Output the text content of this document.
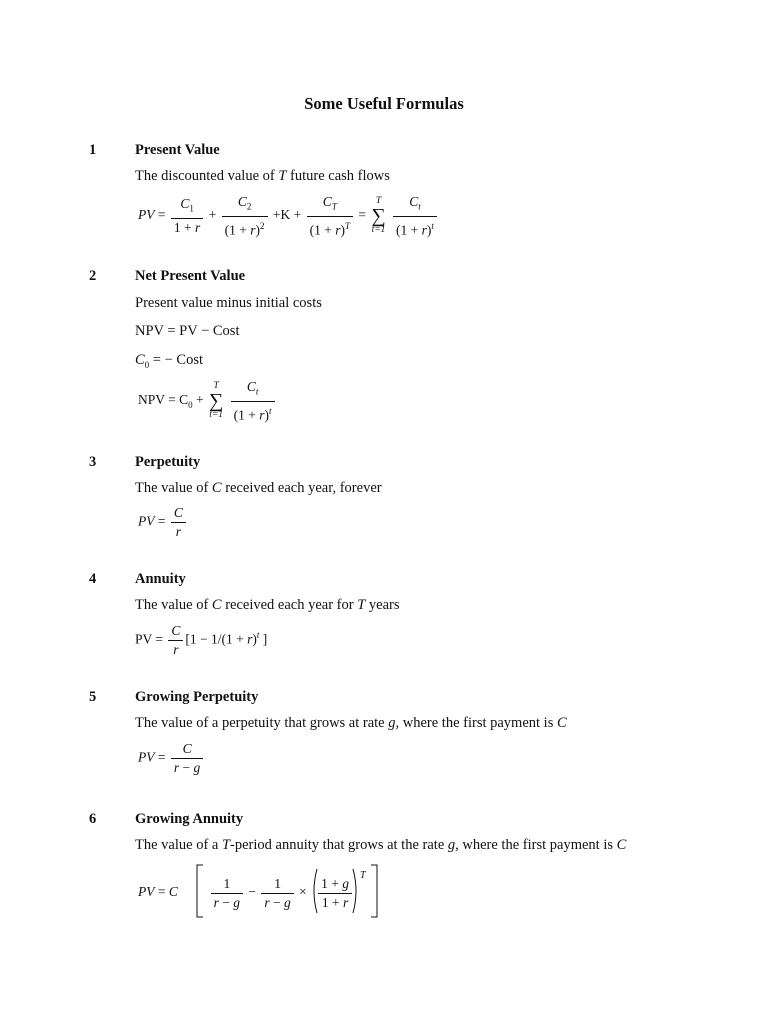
Some Useful Formulas
1	Present Value
The discounted value of T future cash flows
PV = $\frac{C_1}{1 + r} + \frac{C_2}{(1 + r)^2} +K + \frac{C_T}{(1 + r)^T}$ =
T
∑
t=1
$\frac{C_t}{(1 + r)^t}$
2	Net Present Value
Present value minus initial costs
NPV = PV − Cost
$C_0$ = − Cost
NPV = $C_0$ +
T
∑
t=1
$\frac{C_t}{(1 + r)^t}$
3	Perpetuity
The value of C received each year, forever
PV = $\frac{C}{r}$
4	Annuity
The value of C received each year for T years
PV = $\frac{C}{r} [1 - 1/(1 + r)^t$ ]
5	Growing Perpetuity
The value of a perpetuity that grows at rate g, where the first payment is C
PV = $\frac{C}{r - g}$
6	Growing Annuity
The value of a T-period annuity that grows at the rate g, where the first payment is C
PV = C $\frac{1}{r - g} - \frac{1}{r - g} \times \frac{1 + g}{1 + r} ^T$
